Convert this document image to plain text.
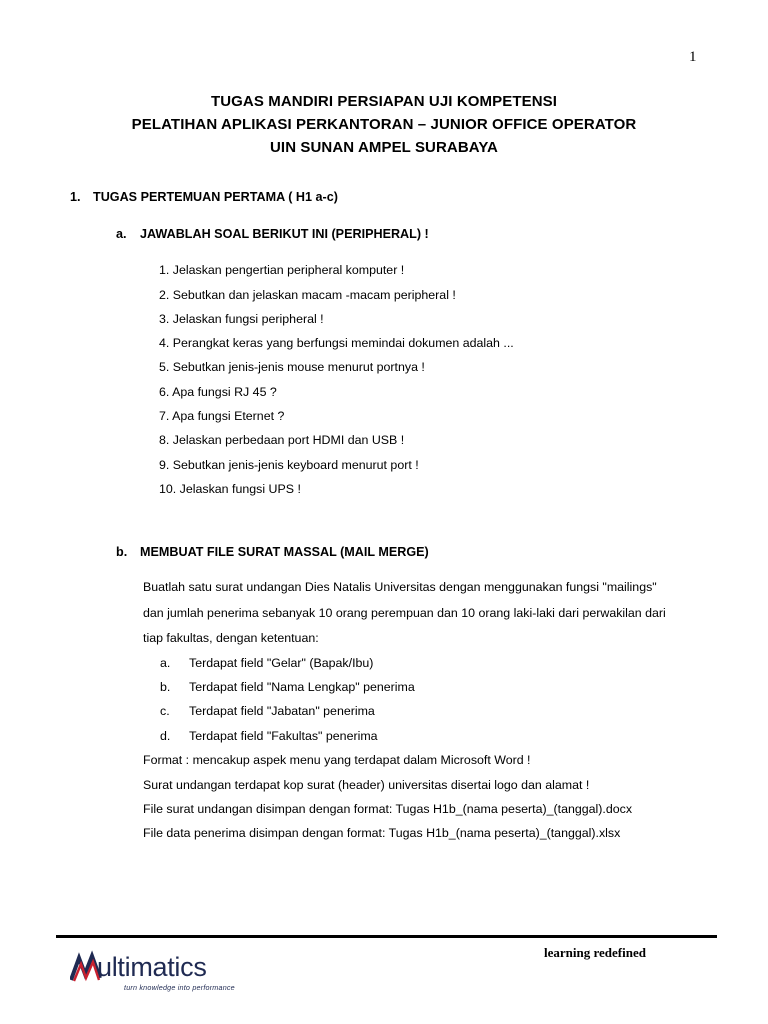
1
TUGAS MANDIRI PERSIAPAN UJI KOMPETENSI
PELATIHAN APLIKASI PERKANTORAN – JUNIOR OFFICE OPERATOR
UIN SUNAN AMPEL SURABAYA
1. TUGAS PERTEMUAN PERTAMA ( H1 a-c)
a. JAWABLAH SOAL BERIKUT INI (PERIPHERAL) !
1. Jelaskan pengertian peripheral komputer !
2. Sebutkan dan jelaskan macam -macam peripheral !
3. Jelaskan fungsi peripheral !
4. Perangkat keras yang berfungsi memindai dokumen adalah ...
5. Sebutkan jenis-jenis mouse menurut portnya !
6. Apa fungsi RJ 45 ?
7. Apa fungsi Eternet ?
8. Jelaskan perbedaan port HDMI dan USB !
9. Sebutkan jenis-jenis keyboard menurut port !
10. Jelaskan fungsi UPS !
b. MEMBUAT FILE SURAT MASSAL (MAIL MERGE)
Buatlah satu surat undangan Dies Natalis Universitas dengan menggunakan fungsi "mailings"
dan jumlah penerima sebanyak 10 orang perempuan dan 10 orang laki-laki dari perwakilan dari
tiap fakultas, dengan ketentuan:
a. Terdapat field "Gelar" (Bapak/Ibu)
b. Terdapat field "Nama Lengkap" penerima
c. Terdapat field "Jabatan" penerima
d. Terdapat field "Fakultas" penerima
Format : mencakup aspek menu yang terdapat dalam Microsoft Word !
Surat undangan terdapat kop surat (header) universitas disertai logo dan alamat !
File surat undangan disimpan dengan format: Tugas H1b_(nama peserta)_(tanggal).docx
File data penerima disimpan dengan format: Tugas H1b_(nama peserta)_(tanggal).xlsx
learning redefined
ultimatics
turn knowledge into performance
